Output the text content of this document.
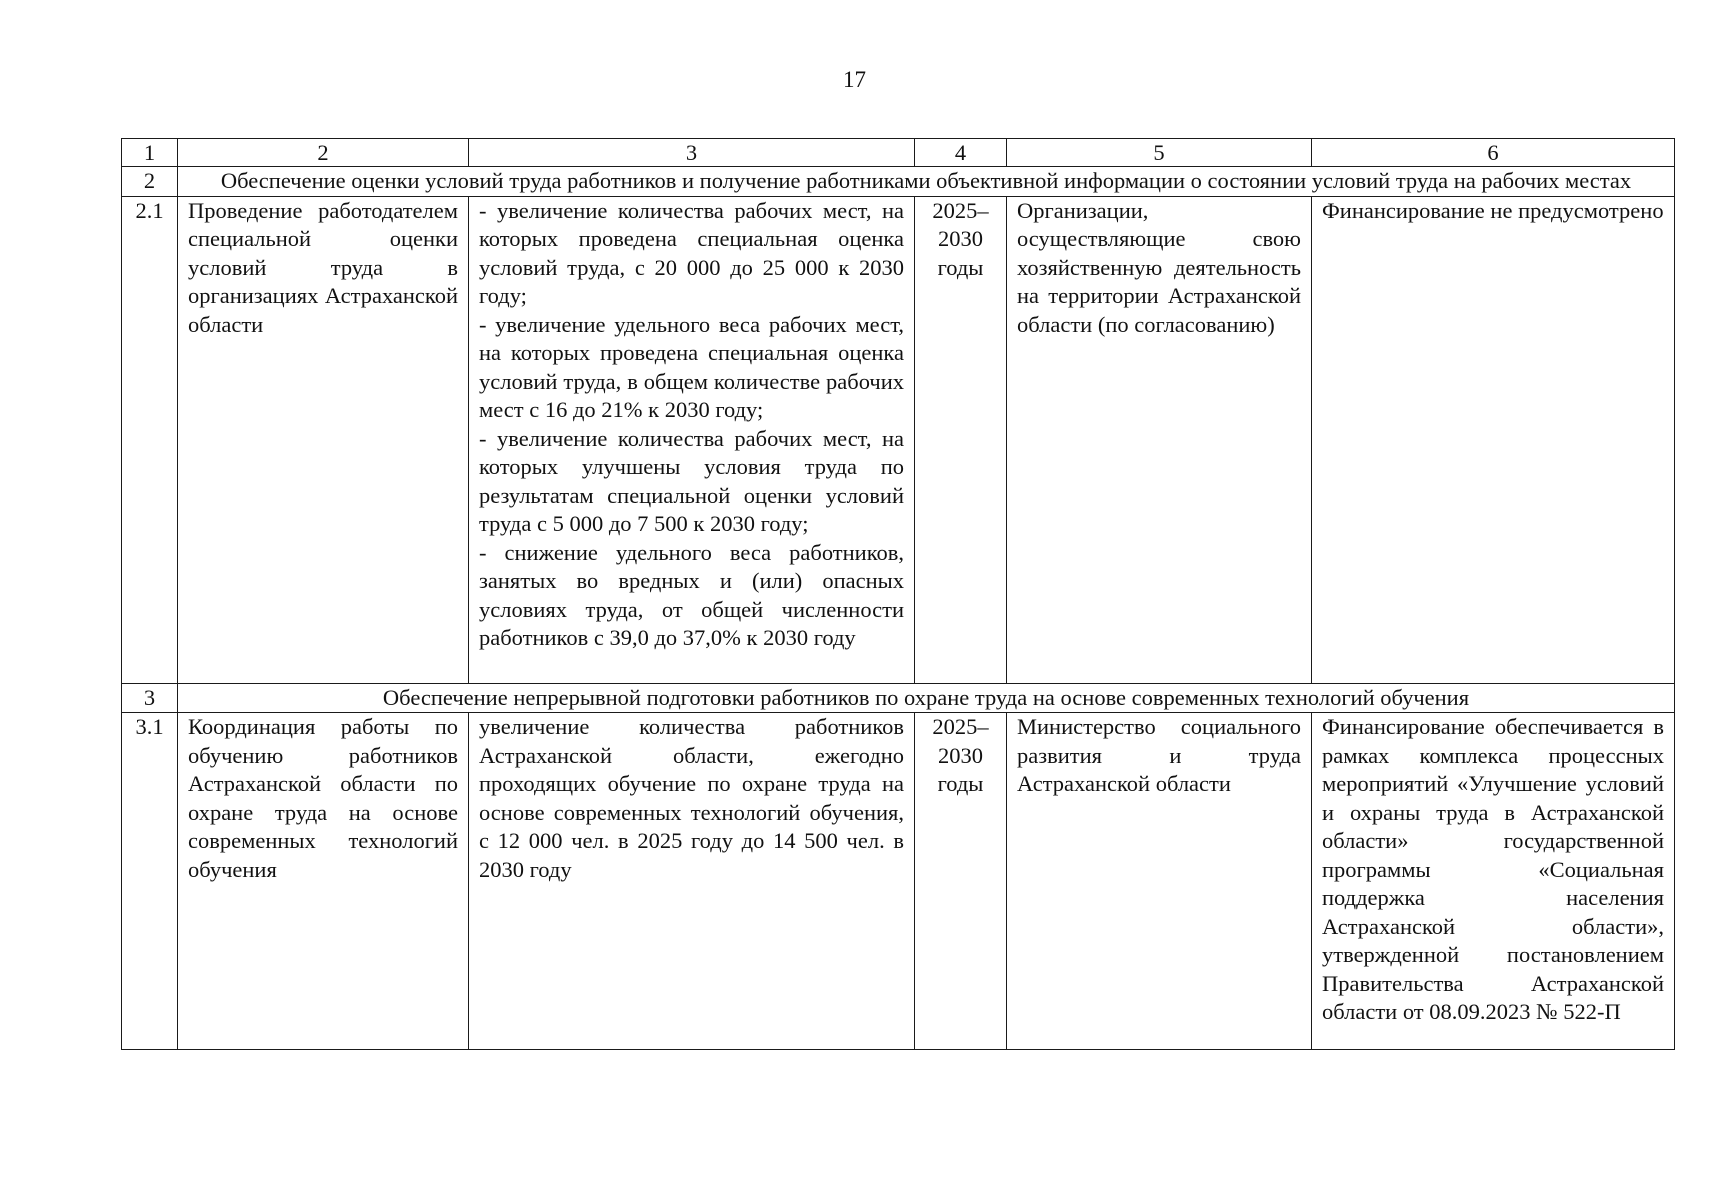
17
1	2	3	4	5	6
2	Обеспечение оценки условий труда работников и получение работниками объективной информации о состоянии условий труда на рабочих местах				
2.1	Проведение работодателем специальной оценки условий труда в организациях Астраханской области	- увеличение количества рабочих мест, на которых проведена специальная оценка условий труда, с 20 000 до 25 000 к 2030 году;
- увеличение удельного веса рабочих мест, на которых проведена специальная оценка условий труда, в общем количестве рабочих мест с 16 до 21% к 2030 году;
- увеличение количества рабочих мест, на которых улучшены условия труда по результатам специальной оценки условий труда с 5 000 до 7 500 к 2030 году;
- снижение удельного веса работников, занятых во вредных и (или) опасных условиях труда, от общей численности работников с 39,0 до 37,0% к 2030 году	2025–2030 годы	Организации, осуществляющие свою хозяйственную деятельность на территории Астраханской области (по согласованию)	Финансирование не предусмотрено
3	Обеспечение непрерывной подготовки работников по охране труда на основе современных технологий обучения				
3.1	Координация работы по обучению работников Астраханской области по охране труда на основе современных технологий обучения	увеличение количества работников Астраханской области, ежегодно проходящих обучение по охране труда на основе современных технологий обучения, с 12 000 чел. в 2025 году до 14 500 чел. в 2030 году	2025–2030 годы	Министерство социального развития и труда Астраханской области	Финансирование обеспечивается в рамках комплекса процессных мероприятий «Улучшение условий и охраны труда в Астраханской области» государственной программы «Социальная поддержка населения Астраханской области», утвержденной постановлением Правительства Астраханской области от 08.09.2023 № 522-П
